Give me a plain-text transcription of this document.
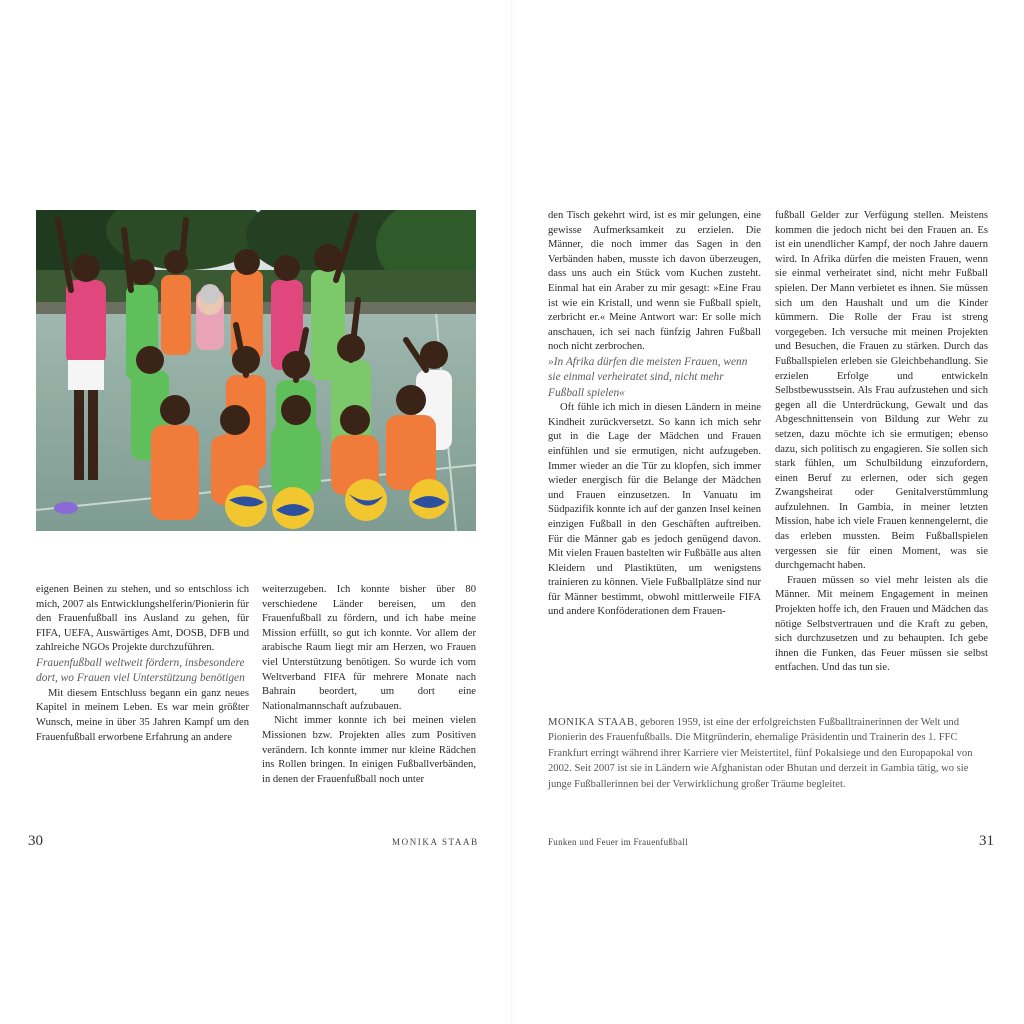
eigenen Beinen zu stehen, und so entschloss ich mich, 2007 als Entwicklungshelferin/Pionierin für den Frauenfußball ins Ausland zu gehen, für FIFA, UEFA, Auswärtiges Amt, DOSB, DFB und zahlreiche NGOs Projekte durchzuführen.

Frauenfußball weltweit fördern, insbesondere dort, wo Frauen viel Unterstützung benötigen

Mit diesem Entschluss begann ein ganz neues Kapitel in meinem Leben. Es war mein größter Wunsch, meine in über 35 Jahren Kampf um den Frauenfußball erworbene Erfahrung an andere

weiterzugeben. Ich konnte bisher über 80 verschiedene Länder bereisen, um den Frauenfußball zu fördern, und ich habe meine Mission erfüllt, so gut ich konnte. Vor allem der arabische Raum liegt mir am Herzen, wo Frauen viel Unterstützung benötigen. So wurde ich vom Weltverband FIFA für mehrere Monate nach Bahrain beordert, um dort eine Nationalmannschaft aufzubauen.

Nicht immer konnte ich bei meinen vielen Missionen bzw. Projekten alles zum Positiven verändern. Ich konnte immer nur kleine Rädchen ins Rollen bringen. In einigen Fußballverbänden, in denen der Frauenfußball noch unter

den Tisch gekehrt wird, ist es mir gelungen, eine gewisse Aufmerksamkeit zu erzielen. Die Männer, die noch immer das Sagen in den Verbänden haben, musste ich davon überzeugen, dass uns auch ein Stück vom Kuchen zusteht. Einmal hat ein Araber zu mir gesagt: »Eine Frau ist wie ein Kristall, und wenn sie Fußball spielt, zerbricht er.« Meine Antwort war: Er solle mich anschauen, ich sei nach fünfzig Jahren Fußball noch nicht zerbrochen.

»In Afrika dürfen die meisten Frauen, wenn sie einmal verheiratet sind, nicht mehr Fußball spielen«

Oft fühle ich mich in diesen Ländern in meine Kindheit zurückversetzt. So kann ich mich sehr gut in die Lage der Mädchen und Frauen einfühlen und sie ermutigen, nicht aufzugeben. Immer wieder an die Tür zu klopfen, sich immer wieder energisch für die Belange der Mädchen und Frauen einzusetzen. In Vanuatu im Südpazifik konnte ich auf der ganzen Insel keinen einzigen Fußball in den Geschäften auftreiben. Für die Männer gab es jedoch genügend davon. Mit vielen Frauen bastelten wir Fußbälle aus alten Kleidern und Plastiktüten, um wenigstens trainieren zu können. Viele Fußballplätze sind nur für Männer bestimmt, obwohl mittlerweile FIFA und andere Konföderationen dem Frauen-

fußball Gelder zur Verfügung stellen. Meistens kommen die jedoch nicht bei den Frauen an. Es ist ein unendlicher Kampf, der noch Jahre dauern wird. In Afrika dürfen die meisten Frauen, wenn sie einmal verheiratet sind, nicht mehr Fußball spielen. Der Mann verbietet es ihnen. Sie müssen sich um den Haushalt und um die Kinder kümmern. Die Rolle der Frau ist streng vorgegeben. Ich versuche mit meinen Projekten und Besuchen, die Frauen zu stärken. Durch das Fußballspielen erleben sie Gleichbehandlung. Sie erzielen Erfolge und entwickeln Selbstbewusstsein. Als Frau aufzustehen und sich gegen all die Unterdrückung, Gewalt und das Abgeschnittensein von Bildung zur Wehr zu setzen, dazu möchte ich sie ermutigen; ebenso dazu, sich politisch zu engagieren. Sie sollen sich stark fühlen, um Schulbildung einzufordern, einen Beruf zu erlernen, oder sich gegen Zwangsheirat oder Genitalverstümmlung aufzulehnen. In Gambia, in meiner letzten Mission, habe ich viele Frauen kennengelernt, die das erleben mussten. Beim Fußballspielen vergessen sie für einen Moment, was sie durchgemacht haben.

Frauen müssen so viel mehr leisten als die Männer. Mit meinem Engagement in meinen Projekten hoffe ich, den Frauen und Mädchen das nötige Selbstvertrauen und die Kraft zu geben, sich durchzusetzen und zu behaupten. Ich gebe ihnen die Funken, das Feuer müssen sie selbst entfachen. Und das tun sie.

MONIKA STAAB, geboren 1959, ist eine der erfolgreichsten Fußballtrainerinnen der Welt und Pionierin des Frauenfußballs. Die Mitgründerin, ehemalige Präsidentin und Trainerin des 1. FFC Frankfurt erringt während ihrer Karriere vier Meistertitel, fünf Pokalsiege und den Europapokal von 2002. Seit 2007 ist sie in Ländern wie Afghanistan oder Bhutan und derzeit in Gambia tätig, wo sie junge Fußballerinnen bei der Verwirklichung großer Träume begleitet.
30	MONIKA STAAB	Funken und Feuer im Frauenfußball	31
